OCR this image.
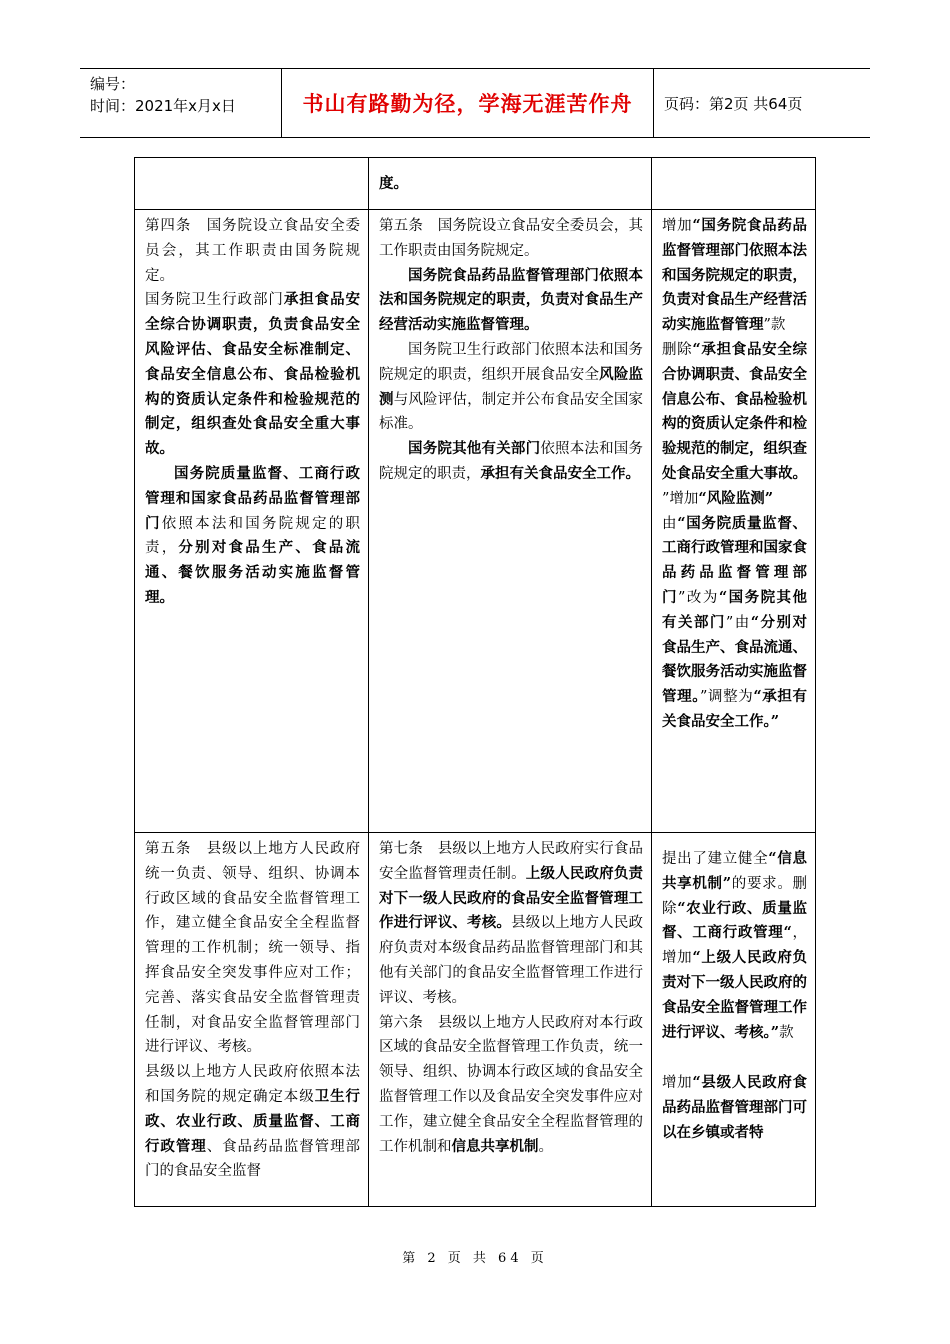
编号：
时间：2021年x月x日	书山有路勤为径，学海无涯苦作舟	页码：第2页 共64页

度。

第四条　国务院设立食品安全委员会，其工作职责由国务院规定。

国务院卫生行政部门承担食品安全综合协调职责，负责食品安全风险评估、食品安全标准制定、食品安全信息公布、食品检验机构的资质认定条件和检验规范的制定，组织查处食品安全重大事故。

国务院质量监督、工商行政管理和国家食品药品监督管理部门依照本法和国务院规定的职责，分别对食品生产、食品流通、餐饮服务活动实施监督管理。

第五条　国务院设立食品安全委员会，其工作职责由国务院规定。

国务院食品药品监督管理部门依照本法和国务院规定的职责，负责对食品生产经营活动实施监督管理。

国务院卫生行政部门依照本法和国务院规定的职责，组织开展食品安全风险监测与风险评估，制定并公布食品安全国家标准。

国务院其他有关部门依照本法和国务院规定的职责，承担有关食品安全工作。

增加“国务院食品药品监督管理部门依照本法和国务院规定的职责，负责对食品生产经营活动实施监督管理”款

删除“承担食品安全综合协调职责、食品安全信息公布、食品检验机构的资质认定条件和检验规范的制定，组织查处食品安全重大事故。

”增加“风险监测”

由“国务院质量监督、工商行政管理和国家食品药品监督管理部门”改为“国务院其他有关部门”由“分别对食品生产、食品流通、餐饮服务活动实施监督管理。”调整为“承担有关食品安全工作。”

第五条　县级以上地方人民政府统一负责、领导、组织、协调本行政区域的食品安全监督管理工作，建立健全食品安全全程监督管理的工作机制；统一领导、指挥食品安全突发事件应对工作；完善、落实食品安全监督管理责任制，对食品安全监督管理部门进行评议、考核。

县级以上地方人民政府依照本法和国务院的规定确定本级卫生行政、农业行政、质量监督、工商行政管理、食品药品监督管理部门的食品安全监督

第七条　县级以上地方人民政府实行食品安全监督管理责任制。上级人民政府负责对下一级人民政府的食品安全监督管理工作进行评议、考核。县级以上地方人民政府负责对本级食品药品监督管理部门和其他有关部门的食品安全监督管理工作进行评议、考核。

第六条　县级以上地方人民政府对本行政区域的食品安全监督管理工作负责，统一领导、组织、协调本行政区域的食品安全监督管理工作以及食品安全突发事件应对工作，建立健全食品安全全程监督管理的工作机制和信息共享机制。

提出了建立健全“信息共享机制”的要求。删除“农业行政、质量监督、工商行政管理“，增加“上级人民政府负责对下一级人民政府的食品安全监督管理工作进行评议、考核。”款

增加“县级人民政府食品药品监督管理部门可以在乡镇或者特

第 2 页 共 64 页
